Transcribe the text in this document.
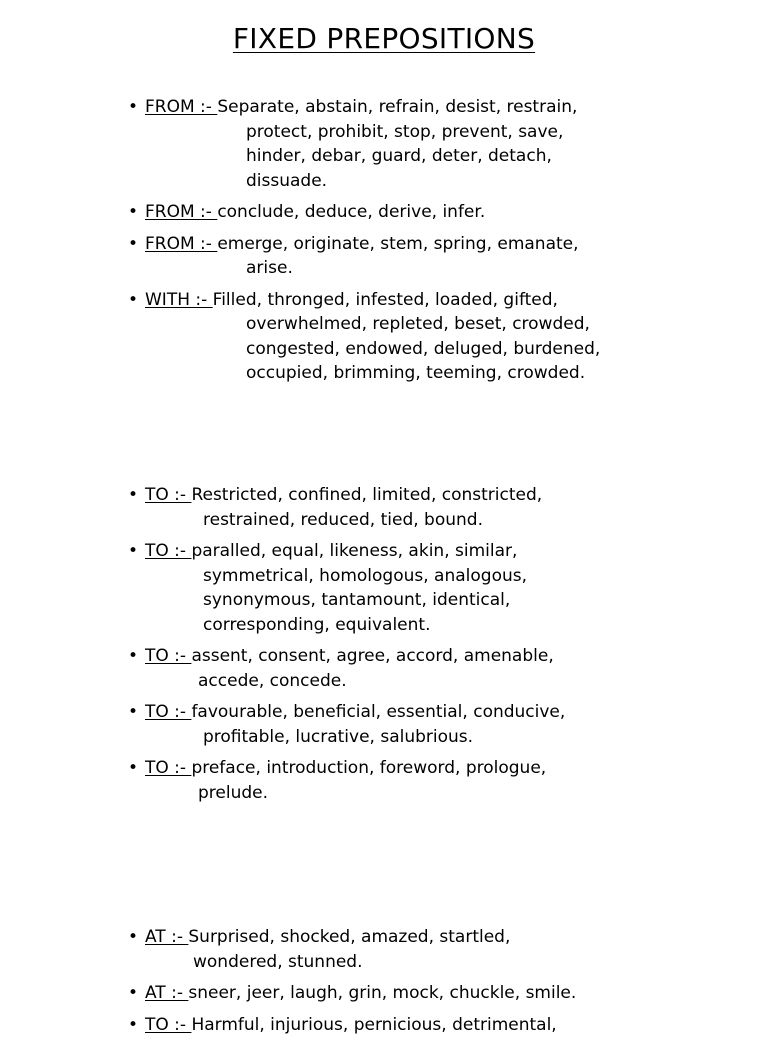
FIXED PREPOSITIONS
• FROM :- Separate, abstain, refrain, desist, restrain,
protect, prohibit, stop, prevent, save,
hinder, debar, guard, deter, detach,
dissuade.
• FROM :- conclude, deduce, derive, infer.
• FROM :- emerge, originate, stem, spring, emanate,
arise.
• WITH :- Filled, thronged, infested, loaded, gifted,
overwhelmed, repleted, beset, crowded,
congested, endowed, deluged, burdened,
occupied, brimming, teeming, crowded.
• TO :- Restricted, confined, limited, constricted,
restrained, reduced, tied, bound.
• TO :- paralled, equal, likeness, akin, similar,
symmetrical, homologous, analogous,
synonymous, tantamount, identical,
corresponding, equivalent.
• TO :- assent, consent, agree, accord, amenable,
accede, concede.
• TO :- favourable, beneficial, essential, conducive,
profitable, lucrative, salubrious.
• TO :- preface, introduction, foreword, prologue,
prelude.
• AT :- Surprised, shocked, amazed, startled,
wondered, stunned.
• AT :- sneer, jeer, laugh, grin, mock, chuckle, smile.
• TO :- Harmful, injurious, pernicious, detrimental,
